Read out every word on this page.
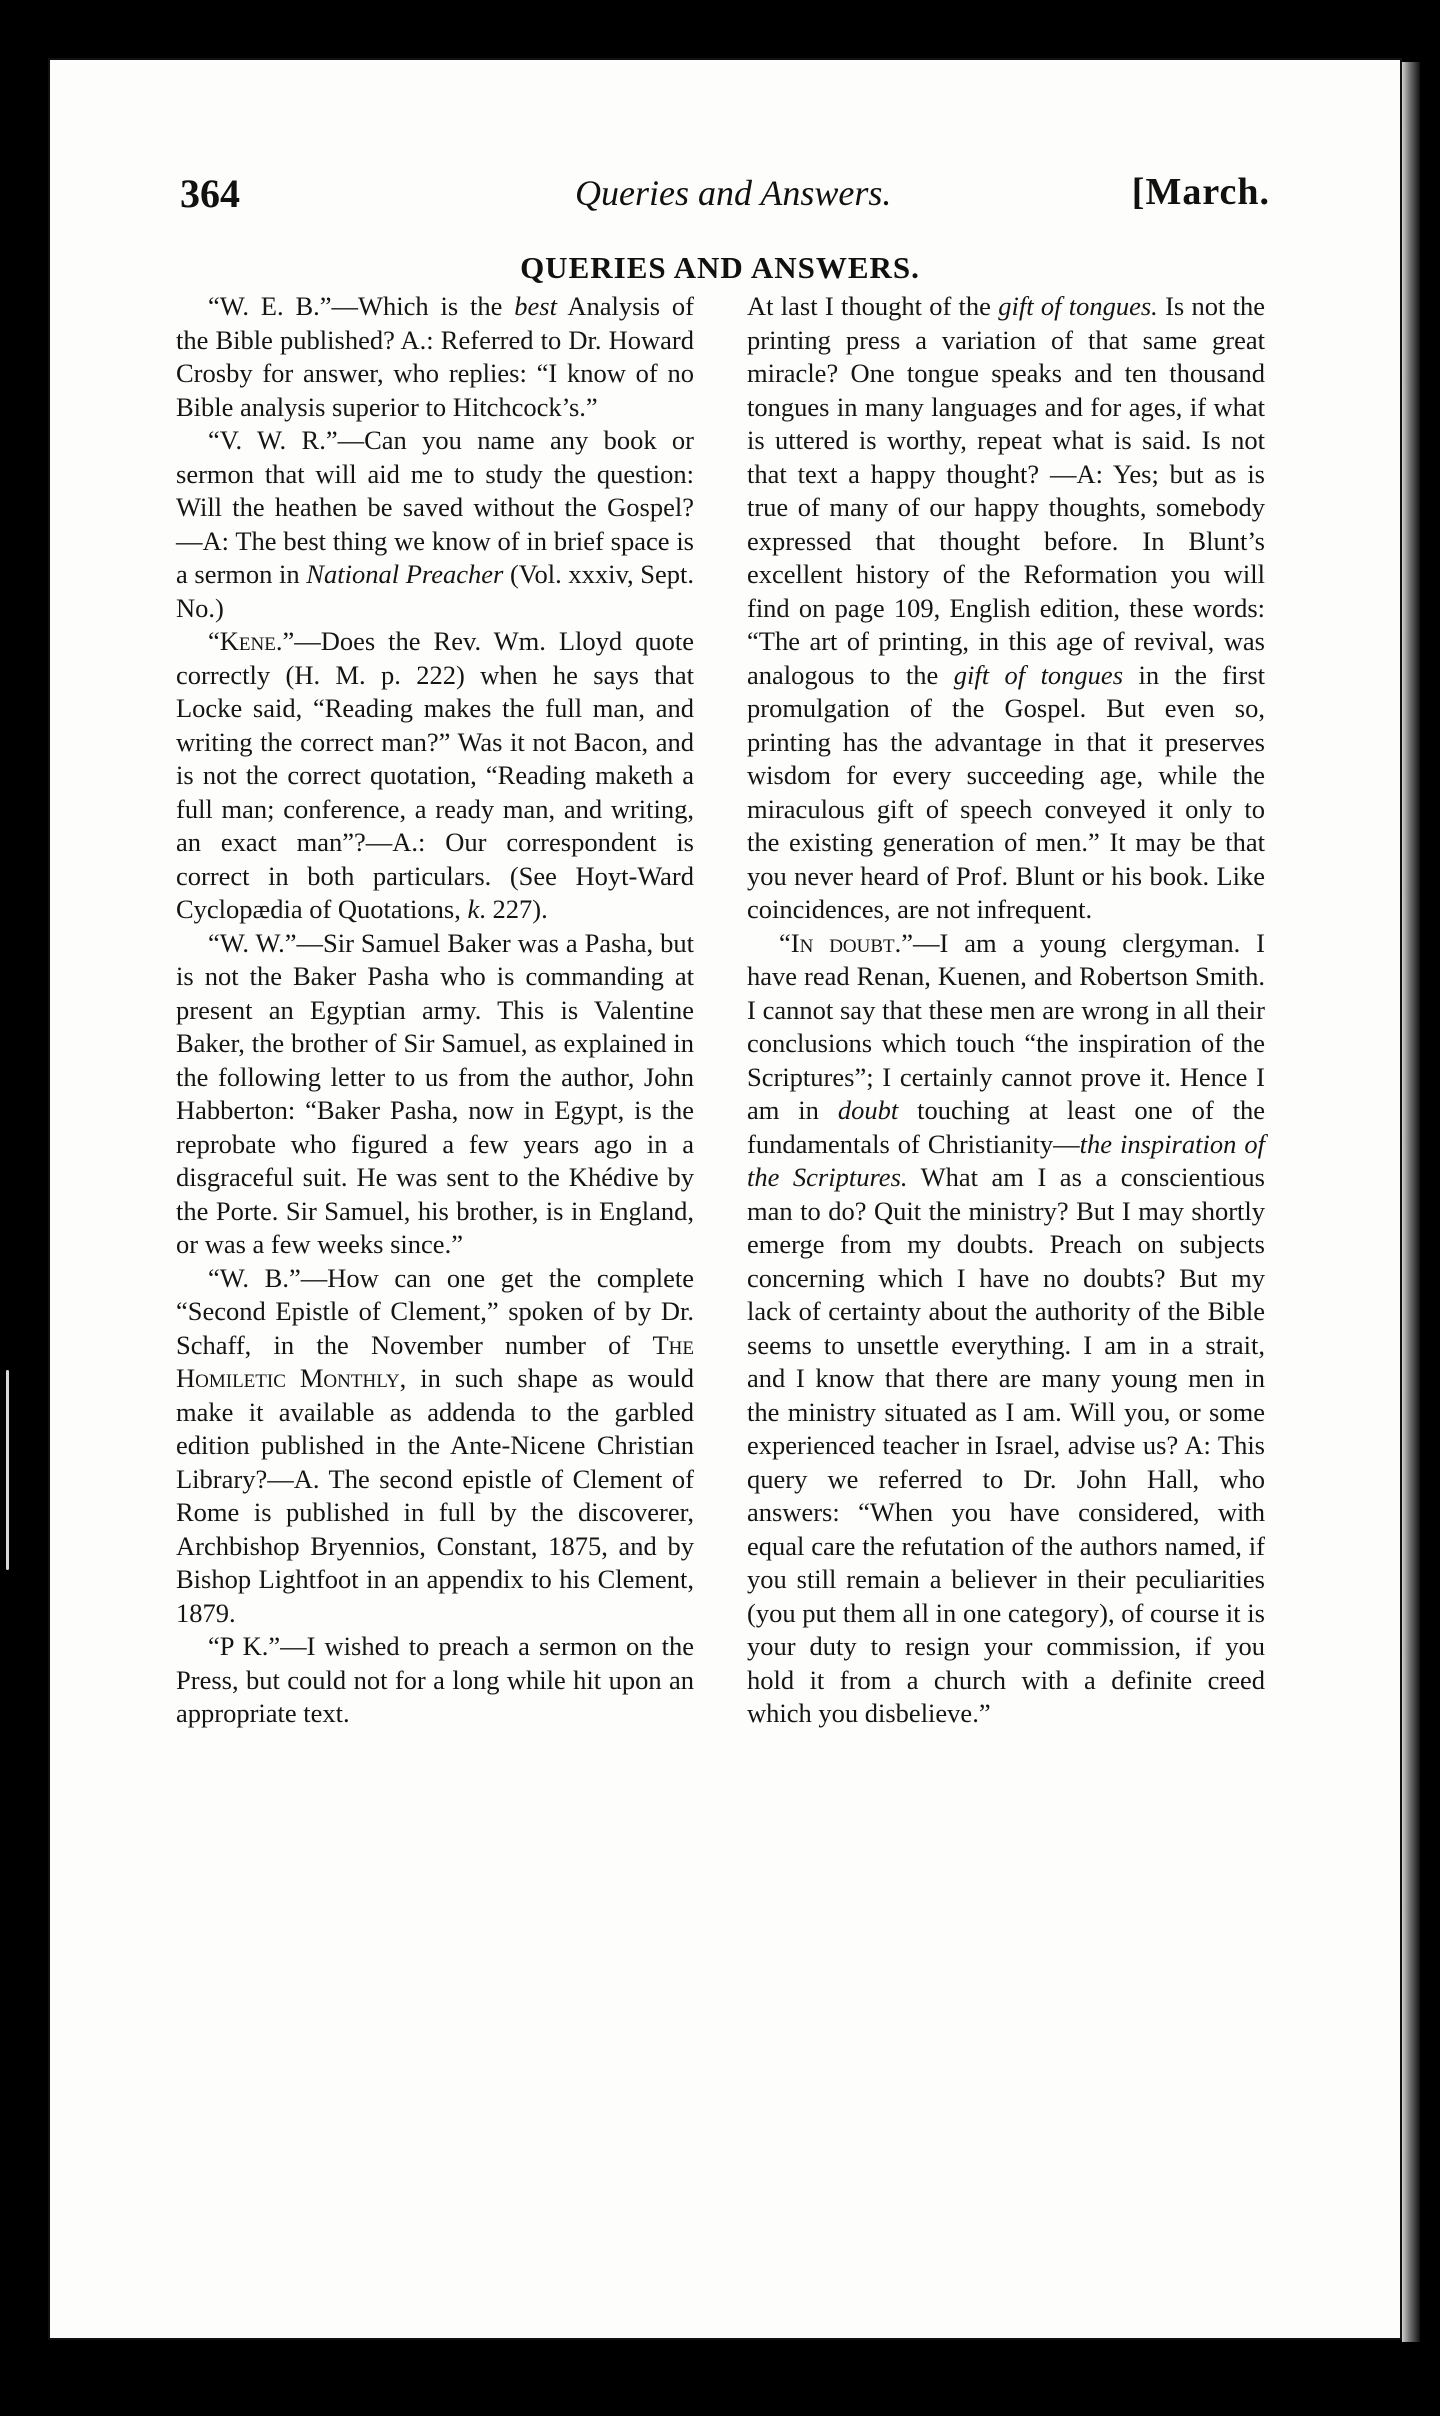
364	Queries and Answers.	[March.
QUERIES AND ANSWERS.

“W. E. B.”—Which is the best Analysis of the Bible published? A.: Referred to Dr. Howard Crosby for answer, who replies: “I know of no Bible analysis superior to Hitchcock’s.”

“V. W. R.”—Can you name any book or sermon that will aid me to study the question: Will the heathen be saved without the Gospel?—A: The best thing we know of in brief space is a sermon in National Preacher (Vol. xxxiv, Sept. No.)

“Kene.”—Does the Rev. Wm. Lloyd quote correctly (H. M. p. 222) when he says that Locke said, “Reading makes the full man, and writing the correct man?” Was it not Bacon, and is not the correct quotation, “Reading maketh a full man; conference, a ready man, and writing, an exact man”?—A.: Our correspondent is correct in both particulars. (See Hoyt-Ward Cyclopædia of Quotations, k. 227).

“W. W.”—Sir Samuel Baker was a Pasha, but is not the Baker Pasha who is commanding at present an Egyptian army. This is Valentine Baker, the brother of Sir Samuel, as explained in the following letter to us from the author, John Habberton: “Baker Pasha, now in Egypt, is the reprobate who figured a few years ago in a disgraceful suit. He was sent to the Khédive by the Porte. Sir Samuel, his brother, is in England, or was a few weeks since.”

“W. B.”—How can one get the complete “Second Epistle of Clement,” spoken of by Dr. Schaff, in the November number of The Homiletic Monthly, in such shape as would make it available as addenda to the garbled edition published in the Ante-Nicene Christian Library?—A. The second epistle of Clement of Rome is published in full by the discoverer, Archbishop Bryennios, Constant, 1875, and by Bishop Lightfoot in an appendix to his Clement, 1879.

“P K.”—I wished to preach a sermon on the Press, but could not for a long while hit upon an appropriate text.

At last I thought of the gift of tongues. Is not the printing press a variation of that same great miracle? One tongue speaks and ten thousand tongues in many languages and for ages, if what is uttered is worthy, repeat what is said. Is not that text a happy thought? —A: Yes; but as is true of many of our happy thoughts, somebody expressed that thought before. In Blunt’s excellent history of the Reformation you will find on page 109, English edition, these words: “The art of printing, in this age of revival, was analogous to the gift of tongues in the first promulgation of the Gospel. But even so, printing has the advantage in that it preserves wisdom for every succeeding age, while the miraculous gift of speech conveyed it only to the existing generation of men.” It may be that you never heard of Prof. Blunt or his book. Like coincidences, are not infrequent.

“In doubt.”—I am a young clergyman. I have read Renan, Kuenen, and Robertson Smith. I cannot say that these men are wrong in all their conclusions which touch “the inspiration of the Scriptures”; I certainly cannot prove it. Hence I am in doubt touching at least one of the fundamentals of Christianity—the inspiration of the Scriptures. What am I as a conscientious man to do? Quit the ministry? But I may shortly emerge from my doubts. Preach on subjects concerning which I have no doubts? But my lack of certainty about the authority of the Bible seems to unsettle everything. I am in a strait, and I know that there are many young men in the ministry situated as I am. Will you, or some experienced teacher in Israel, advise us? A: This query we referred to Dr. John Hall, who answers: “When you have considered, with equal care the refutation of the authors named, if you still remain a believer in their peculiarities (you put them all in one category), of course it is your duty to resign your commission, if you hold it from a church with a definite creed which you disbelieve.”
